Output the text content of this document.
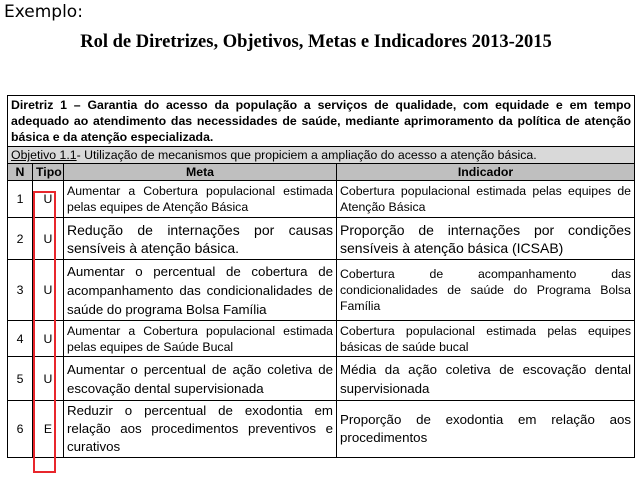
Exemplo:
Rol de Diretrizes, Objetivos, Metas e Indicadores 2013-2015
Diretriz 1 – Garantia do acesso da população a serviços de qualidade, com equidade e em tempo adequado ao atendimento das necessidades de saúde, mediante aprimoramento da política de atenção básica e da atenção especializada.			
Objetivo 1.1- Utilização de mecanismos que propiciem a ampliação do acesso a atenção básica.			
N	Tipo	Meta	Indicador
1	U	Aumentar a Cobertura populacional estimada pelas equipes de Atenção Básica	Cobertura populacional estimada pelas equipes de Atenção Básica
2	U	Redução de internações por causas sensíveis à atenção básica.	Proporção de internações por condições sensíveis à atenção básica (ICSAB)
3	U	Aumentar o percentual de cobertura de acompanhamento das condicionalidades de saúde do programa Bolsa Família	Cobertura de acompanhamento das condicionalidades de saúde do Programa Bolsa Família
4	U	Aumentar a Cobertura populacional estimada pelas equipes de Saúde Bucal	Cobertura populacional estimada pelas equipes básicas de saúde bucal
5	U	Aumentar o percentual de ação coletiva de escovação dental supervisionada	Média da ação coletiva de escovação dental supervisionada
6	E	Reduzir o percentual de exodontia em relação aos procedimentos preventivos e curativos	Proporção de exodontia em relação aos procedimentos
